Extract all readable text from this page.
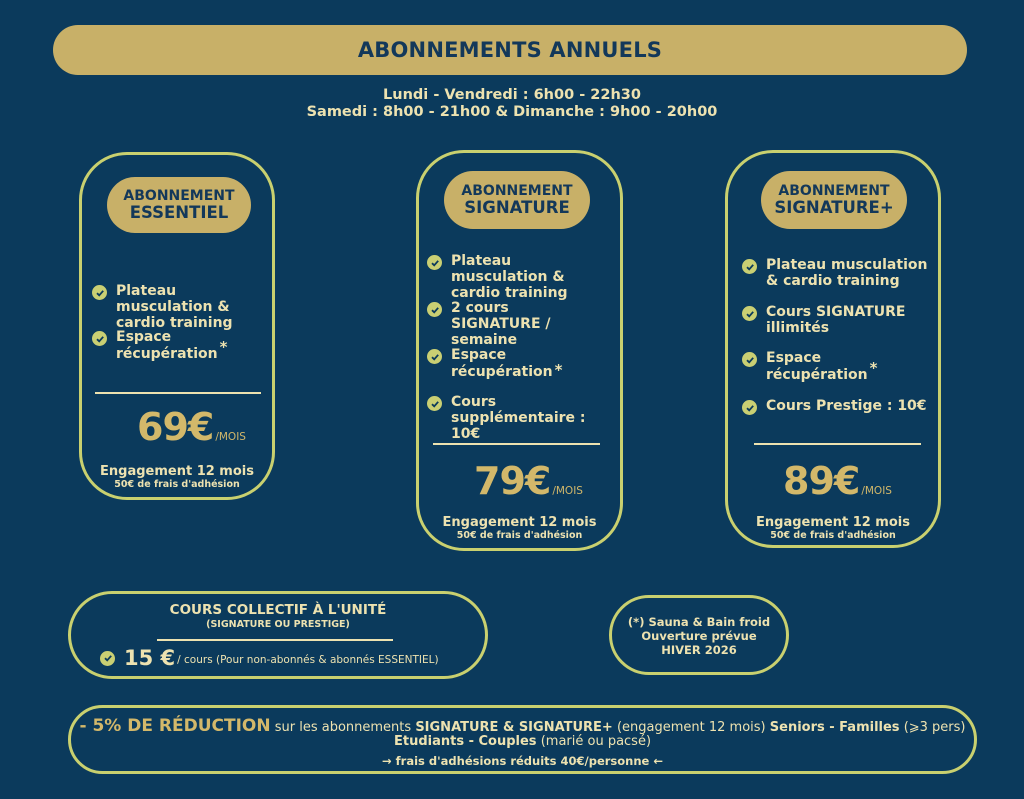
ABONNEMENTS ANNUELS
Lundi - Vendredi : 6h00 - 22h30
Samedi : 8h00 - 21h00 & Dimanche : 9h00 - 20h00
ABONNEMENT
ESSENTIEL
Plateau musculation & cardio training
Espace récupération *
69€ /MOIS
Engagement 12 mois
50€ de frais d'adhésion
ABONNEMENT
SIGNATURE
Plateau musculation & cardio training
2 cours SIGNATURE / semaine
Espace récupération *
Cours supplémentaire : 10€
79€ /MOIS
Engagement 12 mois
50€ de frais d'adhésion
ABONNEMENT
SIGNATURE+
Plateau musculation & cardio training
Cours SIGNATURE illimités
Espace récupération *
Cours Prestige : 10€
89€ /MOIS
Engagement 12 mois
50€ de frais d'adhésion
COURS COLLECTIF À L'UNITÉ
(SIGNATURE OU PRESTIGE)
15 € / cours (Pour non-abonnés & abonnés ESSENTIEL)
(*) Sauna & Bain froid
Ouverture prévue
HIVER 2026
- 5% DE RÉDUCTION sur les abonnements SIGNATURE & SIGNATURE+ (engagement 12 mois) Seniors - Familles (⩾3 pers)
Etudiants - Couples (marié ou pacsé)
→ frais d'adhésions réduits 40€/personne ←
